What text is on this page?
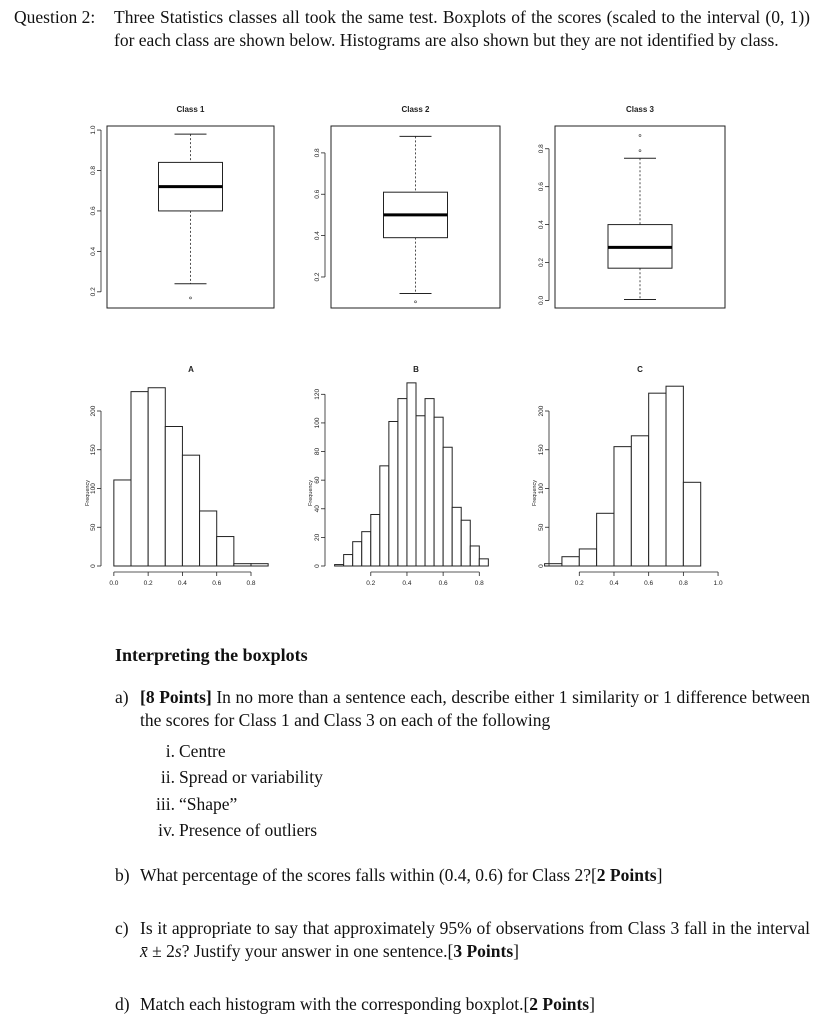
Question 2: Three Statistics classes all took the same test. Boxplots of the scores (scaled to the interval (0, 1)) for each class are shown below. Histograms are also shown but they are not identified by class.
Class 1
0.2
0.4
0.6
0.8
1.0
Class 2
0.2
0.4
0.6
0.8
Class 3
0.0
0.2
0.4
0.6
0.8
A
0.0	0.2	0.4	0.6	0.8
0
50
100
150
200
Frequency
B
0.2	0.4	0.6	0.8
0
20
40
60
80
100
120
Frequency
C
0.2	0.4	0.6	0.8	1.0
0
50
100
150
200
Frequency
Interpreting the boxplots
a) [8 Points] In no more than a sentence each, describe either 1 similarity or 1 difference between the scores for Class 1 and Class 3 on each of the following
i. Centre
ii. Spread or variability
iii. “Shape”
iv. Presence of outliers
b) What percentage of the scores falls within (0.4, 0.6) for Class 2?[2 Points]
c) Is it appropriate to say that approximately 95% of observations from Class 3 fall in the interval x̄ ± 2s? Justify your answer in one sentence.[3 Points]
d) Match each histogram with the corresponding boxplot.[2 Points]
